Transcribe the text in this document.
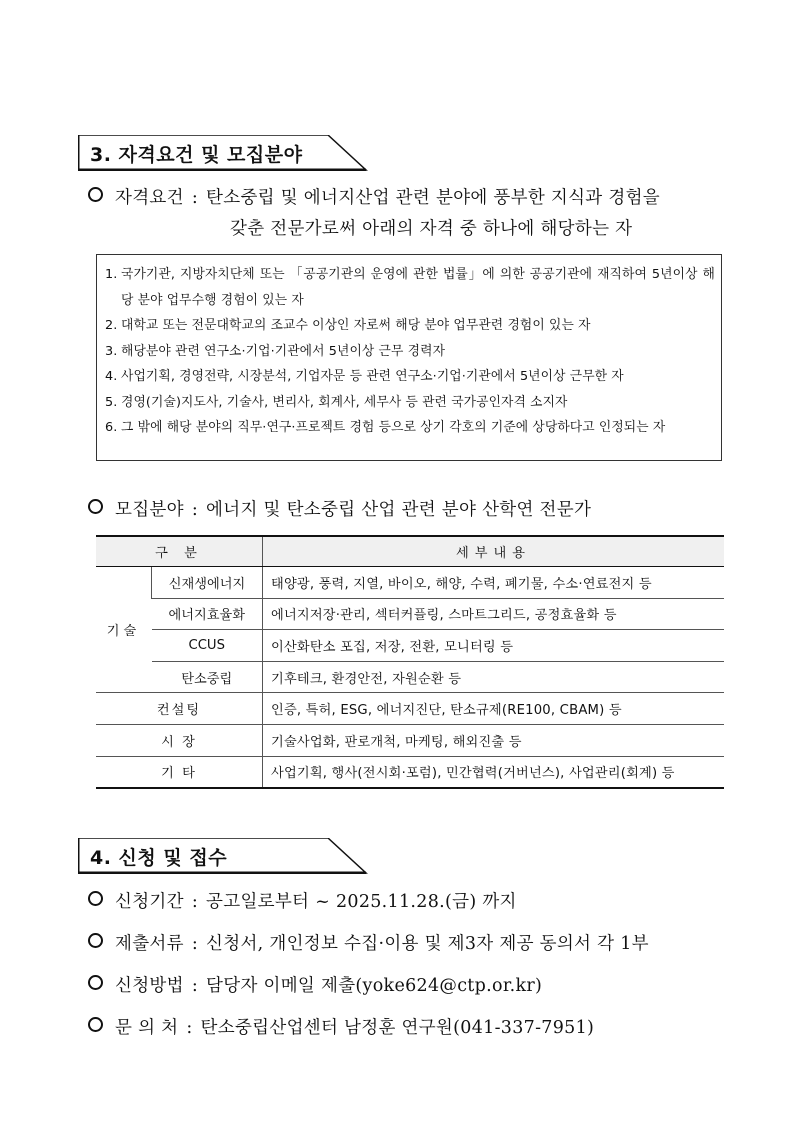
3. 자격요건 및 모집분야
자격요건 : 탄소중립 및 에너지산업 관련 분야에 풍부한 지식과 경험을
갖춘 전문가로써 아래의 자격 중 하나에 해당하는 자
1. 국가기관, 지방자치단체 또는 「공공기관의 운영에 관한 법률」에 의한 공공기관에 재직하여 5년이상 해당 분야 업무수행 경험이 있는 자
2. 대학교 또는 전문대학교의 조교수 이상인 자로써 해당 분야 업무관련 경험이 있는 자
3. 해당분야 관련 연구소·기업·기관에서 5년이상 근무 경력자
4. 사업기획, 경영전략, 시장분석, 기업자문 등 관련 연구소·기업·기관에서 5년이상 근무한 자
5. 경영(기술)지도사, 기술사, 변리사, 회계사, 세무사 등 관련 국가공인자격 소지자
6. 그 밖에 해당 분야의 직무·연구·프로젝트 경험 등으로 상기 각호의 기준에 상당하다고 인정되는 자
모집분야 : 에너지 및 탄소중립 산업 관련 분야 산학연 전문가
구 분		세부내용
기술	신재생에너지	태양광, 풍력, 지열, 바이오, 해양, 수력, 폐기물, 수소·연료전지 등
	에너지효율화	에너지저장·관리, 섹터커플링, 스마트그리드, 공정효율화 등
	CCUS	이산화탄소 포집, 저장, 전환, 모니터링 등
	탄소중립	기후테크, 환경안전, 자원순환 등
컨설팅		인증, 특허, ESG, 에너지진단, 탄소규제(RE100, CBAM) 등
시 장		기술사업화, 판로개척, 마케팅, 해외진출 등
기 타		사업기획, 행사(전시회·포럼), 민간협력(거버넌스), 사업관리(회계) 등
4. 신청 및 접수
신청기간 : 공고일로부터 ~ 2025.11.28.(금) 까지
제출서류 : 신청서, 개인정보 수집·이용 및 제3자 제공 동의서 각 1부
신청방법 : 담당자 이메일 제출(yoke624@ctp.or.kr)
문 의 처 : 탄소중립산업센터 남정훈 연구원(041-337-7951)
